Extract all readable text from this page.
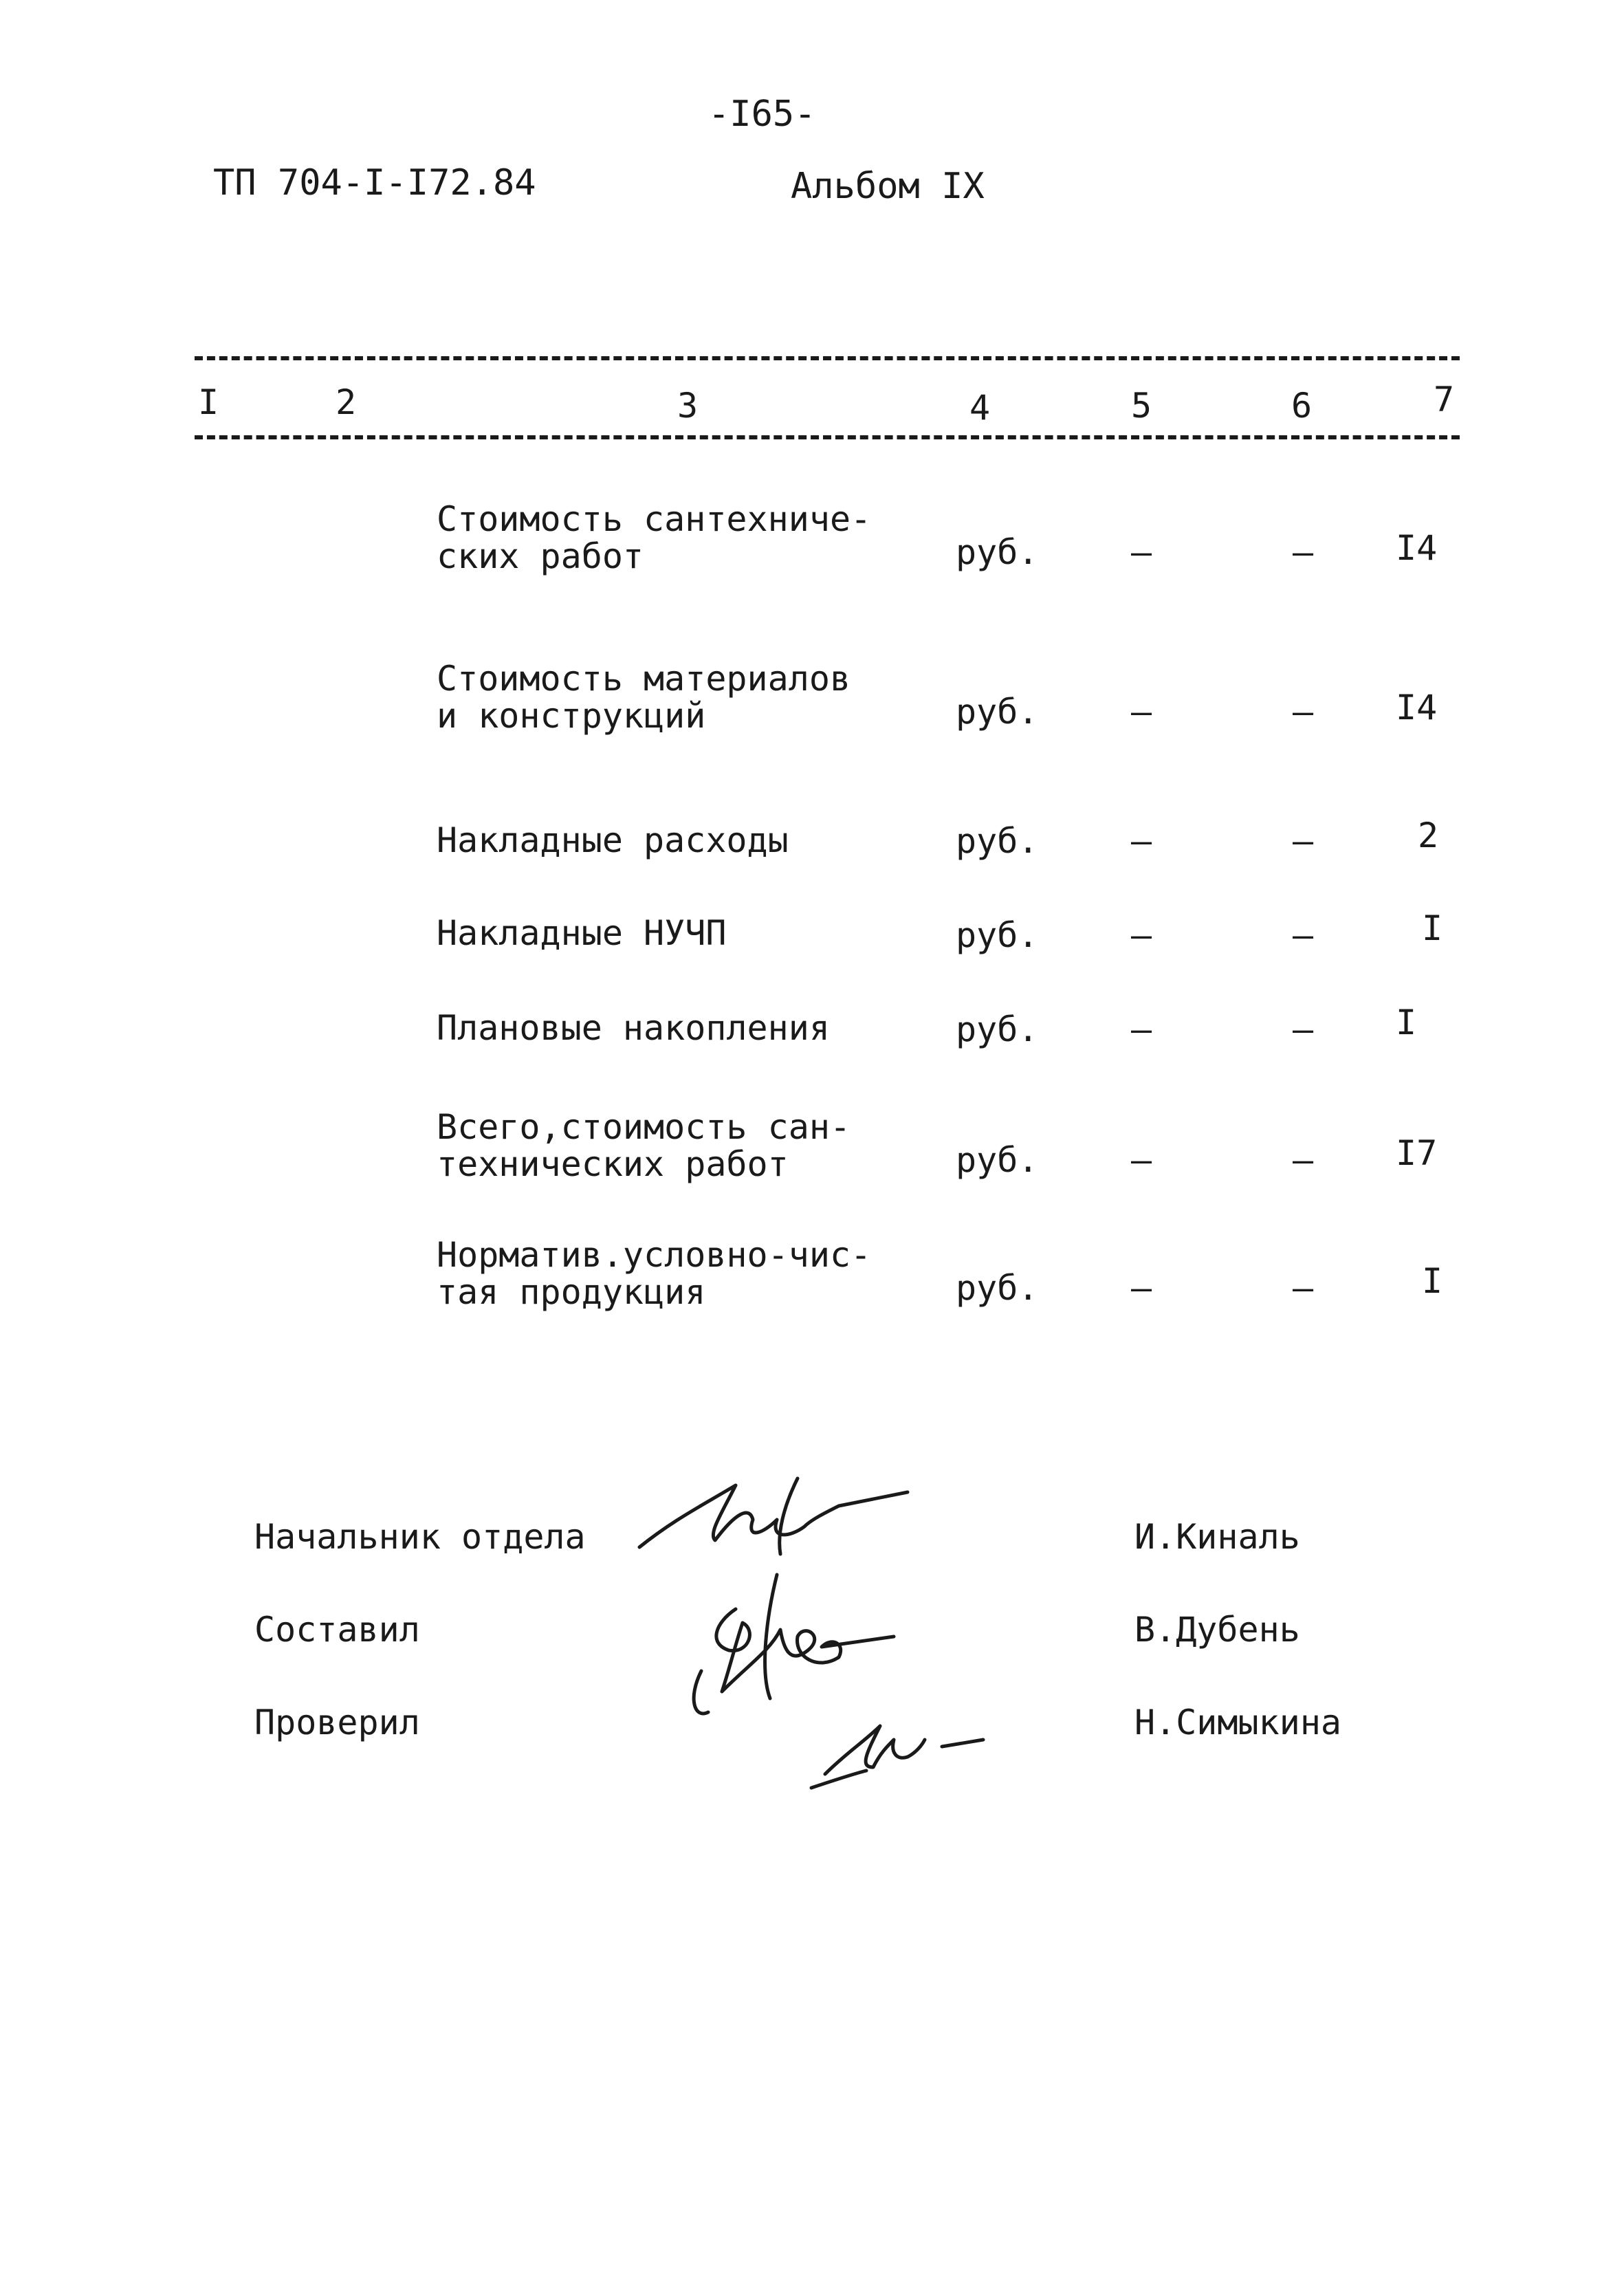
-I65-
ТП 704-I-I72.84	Альбом IX
I	2	3	4	5	6	7
Стоимость сантехниче-
ских работ	руб.	–	– I4
Стоимость материалов
и конструкций	руб.	–	– I4
Накладные расходы	руб.	–	–	2
Накладные НУЧП	руб.	–	–	I
Плановые накопления	руб.	–	– I
Всего,стоимость сан-
технических работ	руб.	–	– I7
Норматив.условно-чис-
тая продукция	руб.	–	–	I
Начальник отдела	И.Киналь
Составил	В.Дубень
Проверил	Н.Симыкина
